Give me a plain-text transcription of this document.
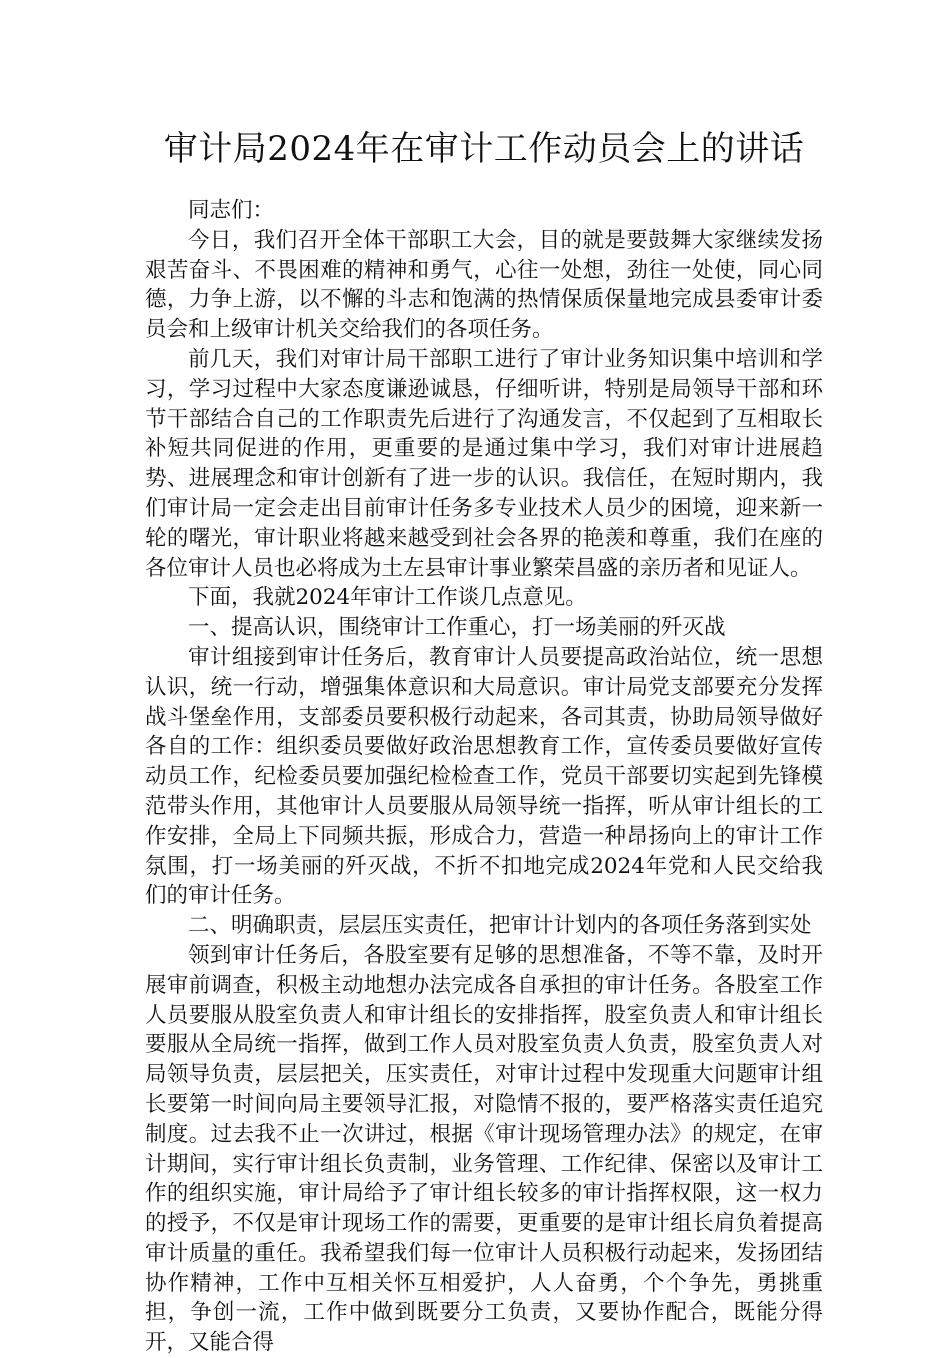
审计局2024年在审计工作动员会上的讲话

同志们：

今日，我们召开全体干部职工大会，目的就是要鼓舞大家继续发扬艰苦奋斗、不畏困难的精神和勇气，心往一处想，劲往一处使，同心同德，力争上游，以不懈的斗志和饱满的热情保质保量地完成县委审计委员会和上级审计机关交给我们的各项任务。

前几天，我们对审计局干部职工进行了审计业务知识集中培训和学习，学习过程中大家态度谦逊诚恳，仔细听讲，特别是局领导干部和环节干部结合自己的工作职责先后进行了沟通发言，不仅起到了互相取长补短共同促进的作用，更重要的是通过集中学习，我们对审计进展趋势、进展理念和审计创新有了进一步的认识。我信任，在短时期内，我们审计局一定会走出目前审计任务多专业技术人员少的困境，迎来新一轮的曙光，审计职业将越来越受到社会各界的艳羡和尊重，我们在座的各位审计人员也必将成为土左县审计事业繁荣昌盛的亲历者和见证人。

下面，我就2024年审计工作谈几点意见。

一、提高认识，围绕审计工作重心，打一场美丽的歼灭战

审计组接到审计任务后，教育审计人员要提高政治站位，统一思想认识，统一行动，增强集体意识和大局意识。审计局党支部要充分发挥战斗堡垒作用，支部委员要积极行动起来，各司其责，协助局领导做好各自的工作：组织委员要做好政治思想教育工作，宣传委员要做好宣传动员工作，纪检委员要加强纪检检查工作，党员干部要切实起到先锋模范带头作用，其他审计人员要服从局领导统一指挥，听从审计组长的工作安排，全局上下同频共振，形成合力，营造一种昂扬向上的审计工作氛围，打一场美丽的歼灭战，不折不扣地完成2024年党和人民交给我们的审计任务。

二、明确职责，层层压实责任，把审计计划内的各项任务落到实处

领到审计任务后，各股室要有足够的思想准备，不等不靠，及时开展审前调查，积极主动地想办法完成各自承担的审计任务。各股室工作人员要服从股室负责人和审计组长的安排指挥，股室负责人和审计组长要服从全局统一指挥，做到工作人员对股室负责人负责，股室负责人对局领导负责，层层把关，压实责任，对审计过程中发现重大问题审计组长要第一时间向局主要领导汇报，对隐情不报的，要严格落实责任追究制度。过去我不止一次讲过，根据《审计现场管理办法》的规定，在审计期间，实行审计组长负责制，业务管理、工作纪律、保密以及审计工作的组织实施，审计局给予了审计组长较多的审计指挥权限，这一权力的授予，不仅是审计现场工作的需要，更重要的是审计组长肩负着提高审计质量的重任。我希望我们每一位审计人员积极行动起来，发扬团结协作精神，工作中互相关怀互相爱护，人人奋勇，个个争先，勇挑重担，争创一流，工作中做到既要分工负责，又要协作配合，既能分得开，又能合得
